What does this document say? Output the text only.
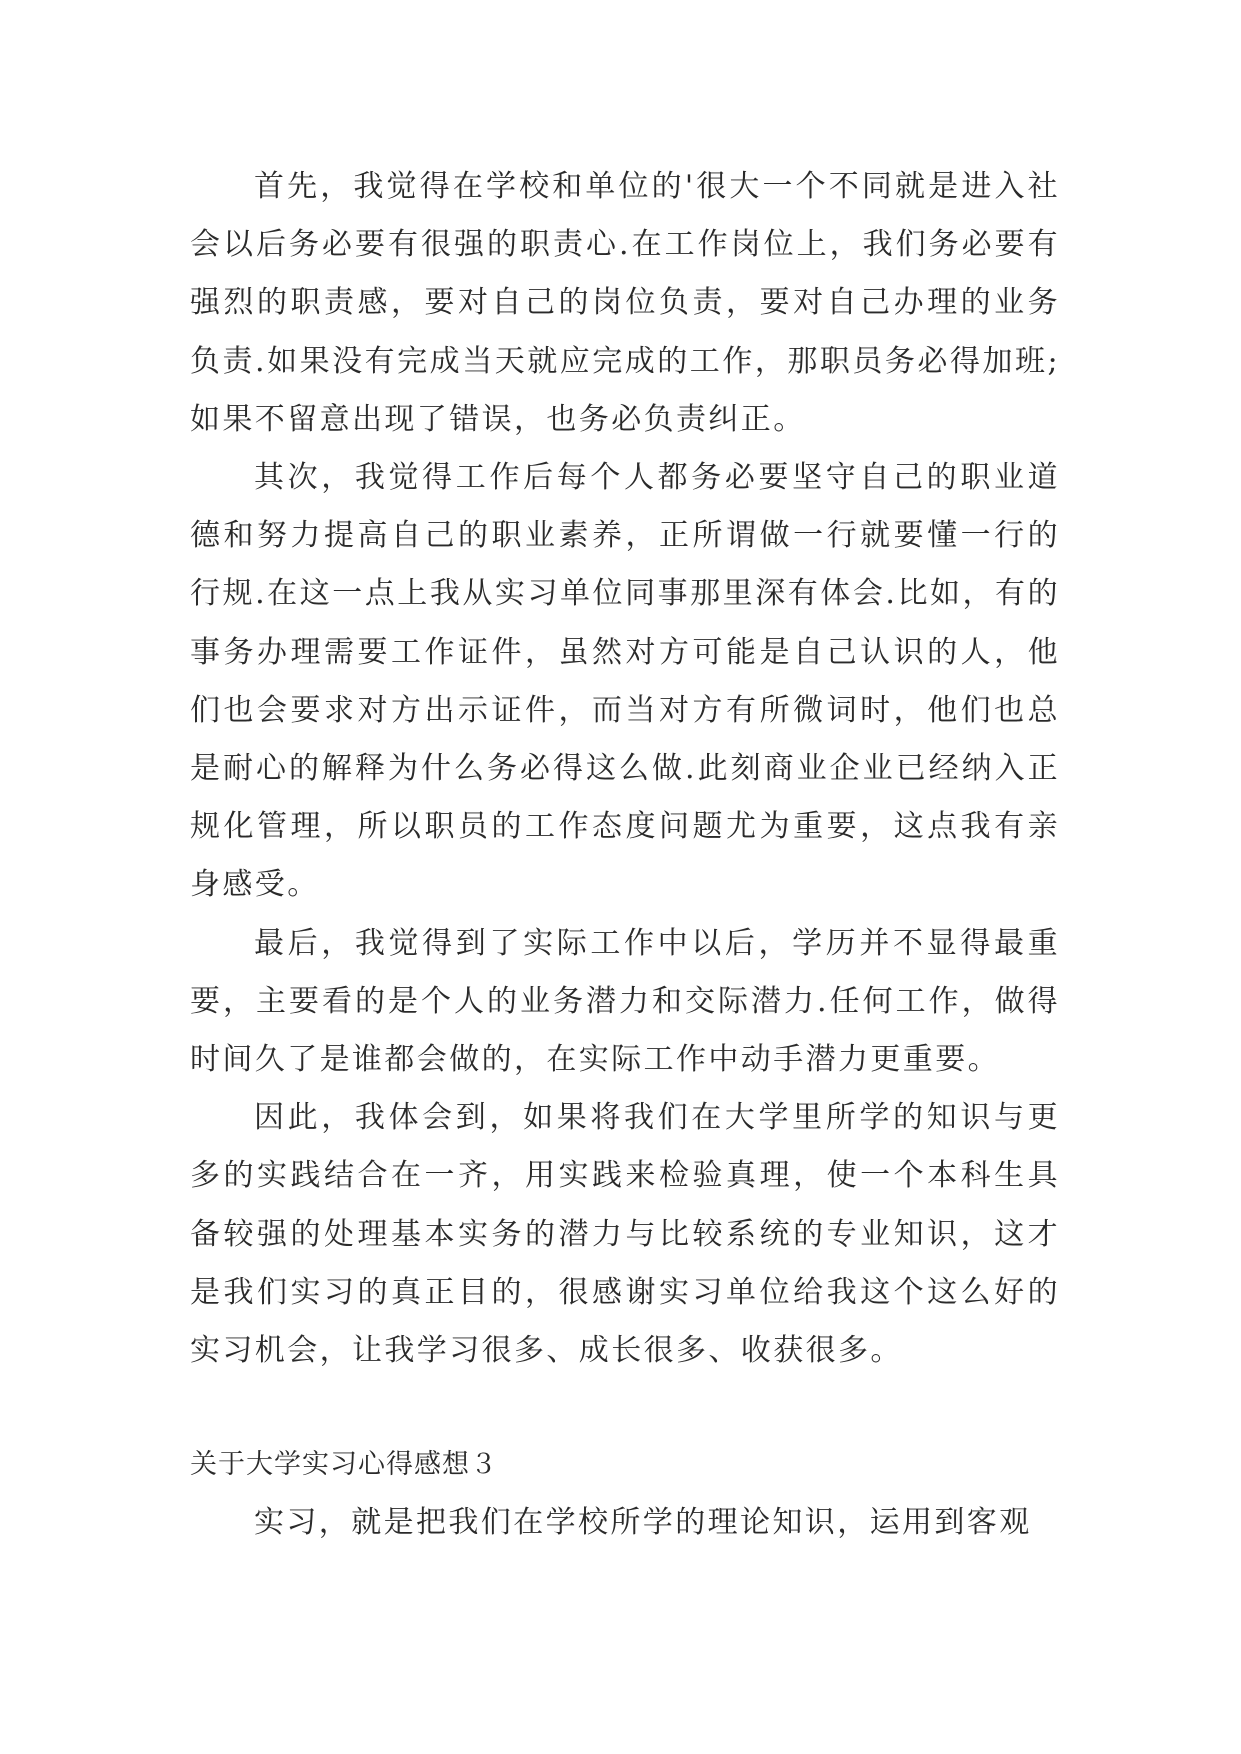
首先，我觉得在学校和单位的'很大一个不同就是进入社会以后务必要有很强的职责心.在工作岗位上，我们务必要有强烈的职责感，要对自己的岗位负责，要对自己办理的业务负责.如果没有完成当天就应完成的工作，那职员务必得加班;如果不留意出现了错误，也务必负责纠正。

其次，我觉得工作后每个人都务必要坚守自己的职业道德和努力提高自己的职业素养，正所谓做一行就要懂一行的行规.在这一点上我从实习单位同事那里深有体会.比如，有的事务办理需要工作证件，虽然对方可能是自己认识的人，他们也会要求对方出示证件，而当对方有所微词时，他们也总是耐心的解释为什么务必得这么做.此刻商业企业已经纳入正规化管理，所以职员的工作态度问题尤为重要，这点我有亲身感受。

最后，我觉得到了实际工作中以后，学历并不显得最重要，主要看的是个人的业务潜力和交际潜力.任何工作，做得时间久了是谁都会做的，在实际工作中动手潜力更重要。

因此，我体会到，如果将我们在大学里所学的知识与更多的实践结合在一齐，用实践来检验真理，使一个本科生具备较强的处理基本实务的潜力与比较系统的专业知识，这才是我们实习的真正目的，很感谢实习单位给我这个这么好的实习机会，让我学习很多、成长很多、收获很多。

关于大学实习心得感想３

实习，就是把我们在学校所学的理论知识，运用到客观
